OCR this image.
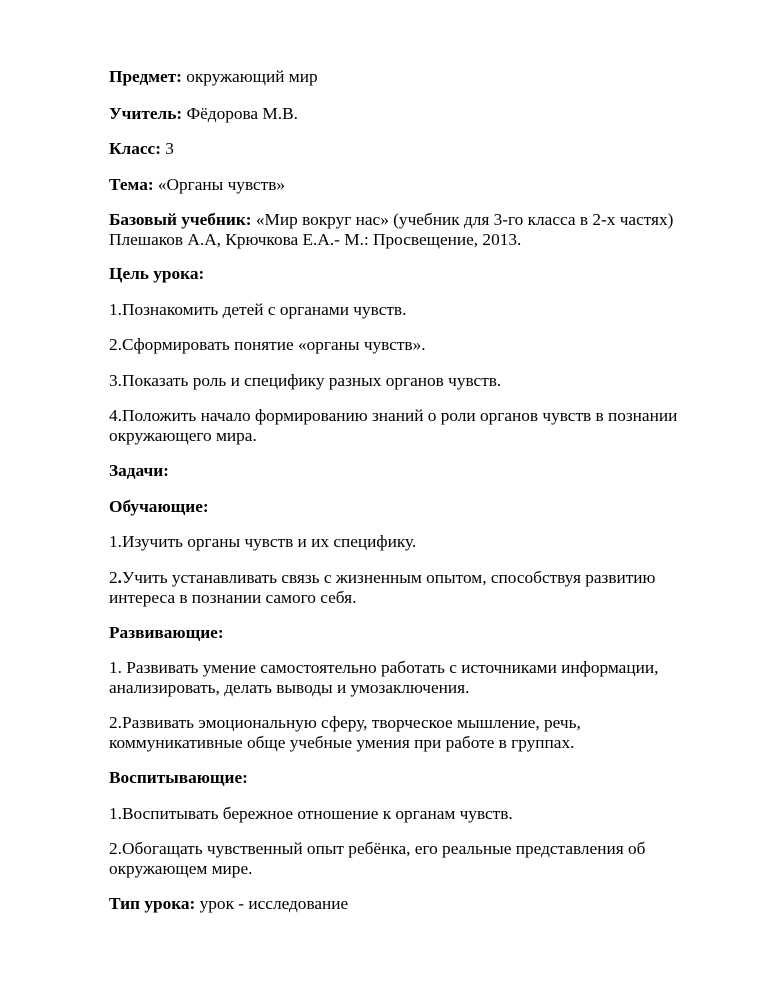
Предмет: окружающий мир

Учитель: Фёдорова М.В.

Класс: 3

Тема: «Органы чувств»

Базовый учебник: «Мир вокруг нас» (учебник для 3-го класса в 2-х частях)

Плешаков А.А, Крючкова Е.А.- М.: Просвещение, 2013.

Цель урока:

1.Познакомить детей с органами чувств.

2.Сформировать понятие «органы чувств».

3.Показать роль и специфику разных органов чувств.

4.Положить начало формированию знаний о роли органов чувств в познании

окружающего мира.

Задачи:

Обучающие:

1.Изучить органы чувств и их специфику.

2.Учить устанавливать связь с жизненным опытом, способствуя развитию

интереса в познании самого себя.

Развивающие:

1. Развивать умение самостоятельно работать с источниками информации,

анализировать, делать выводы и умозаключения.

2.Развивать эмоциональную сферу, творческое мышление, речь,

коммуникативные обще учебные умения при работе в группах.

Воспитывающие:

1.Воспитывать бережное отношение к органам чувств.

2.Обогащать чувственный опыт ребёнка, его реальные представления об

окружающем мире.

Тип урока: урок - исследование
